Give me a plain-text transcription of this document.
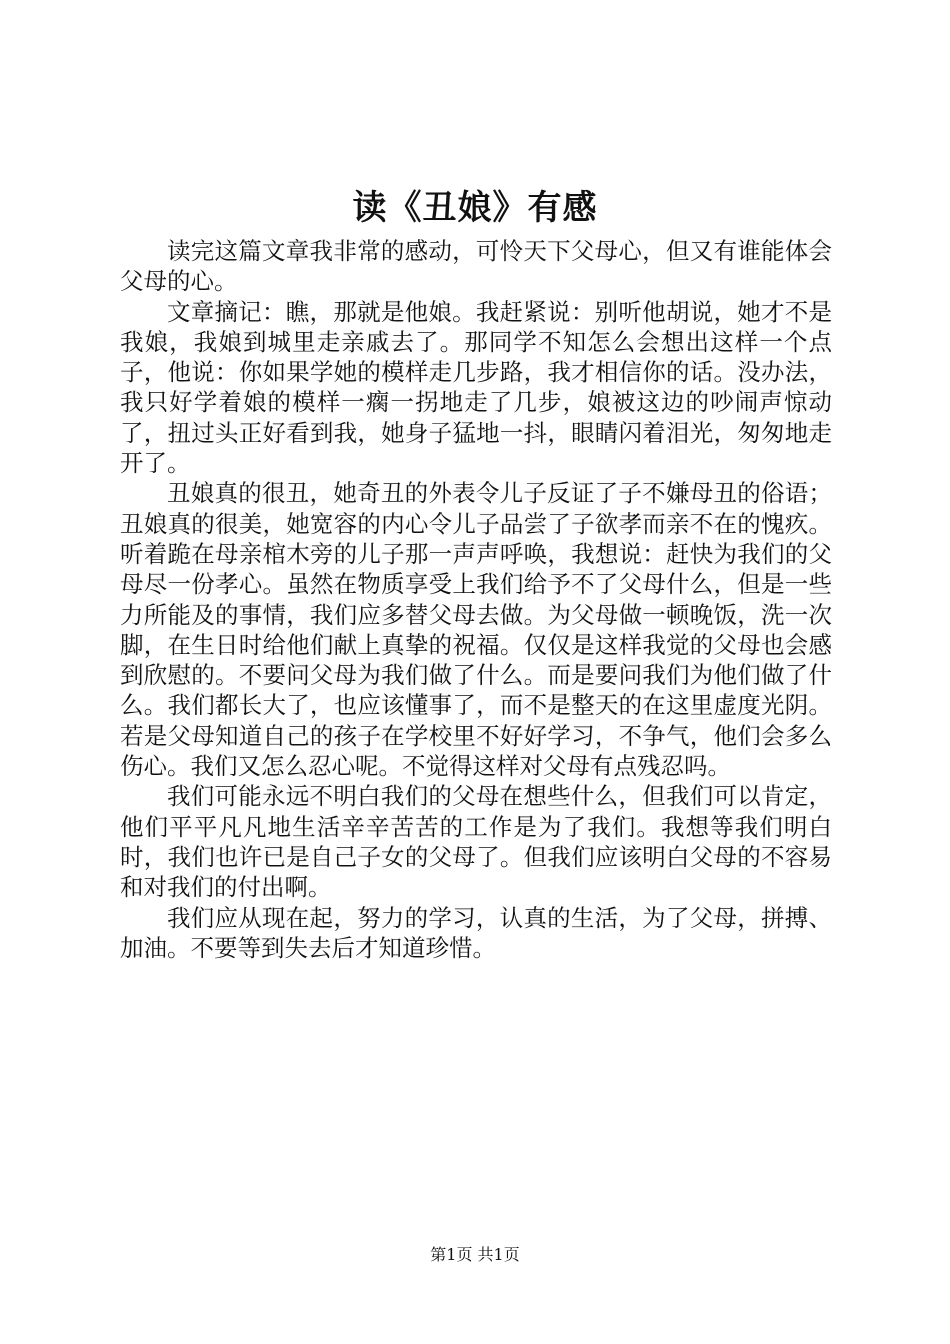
读《丑娘》有感

读完这篇文章我非常的感动，可怜天下父母心，但又有谁能体会父母的心。

文章摘记：瞧，那就是他娘。我赶紧说：别听他胡说，她才不是我娘，我娘到城里走亲戚去了。那同学不知怎么会想出这样一个点子，他说：你如果学她的模样走几步路，我才相信你的话。没办法，我只好学着娘的模样一瘸一拐地走了几步，娘被这边的吵闹声惊动了，扭过头正好看到我，她身子猛地一抖，眼睛闪着泪光，匆匆地走开了。

丑娘真的很丑，她奇丑的外表令儿子反证了子不嫌母丑的俗语；丑娘真的很美，她宽容的内心令儿子品尝了子欲孝而亲不在的愧疚。听着跪在母亲棺木旁的儿子那一声声呼唤，我想说：赶快为我们的父母尽一份孝心。虽然在物质享受上我们给予不了父母什么，但是一些力所能及的事情，我们应多替父母去做。为父母做一顿晚饭，洗一次脚，在生日时给他们献上真挚的祝福。仅仅是这样我觉的父母也会感到欣慰的。不要问父母为我们做了什么。而是要问我们为他们做了什么。我们都长大了，也应该懂事了，而不是整天的在这里虚度光阴。若是父母知道自己的孩子在学校里不好好学习，不争气，他们会多么伤心。我们又怎么忍心呢。不觉得这样对父母有点残忍吗。

我们可能永远不明白我们的父母在想些什么，但我们可以肯定，他们平平凡凡地生活辛辛苦苦的工作是为了我们。我想等我们明白时，我们也许已是自己子女的父母了。但我们应该明白父母的不容易和对我们的付出啊。

我们应从现在起，努力的学习，认真的生活，为了父母，拼搏、加油。不要等到失去后才知道珍惜。

第1页 共1页
